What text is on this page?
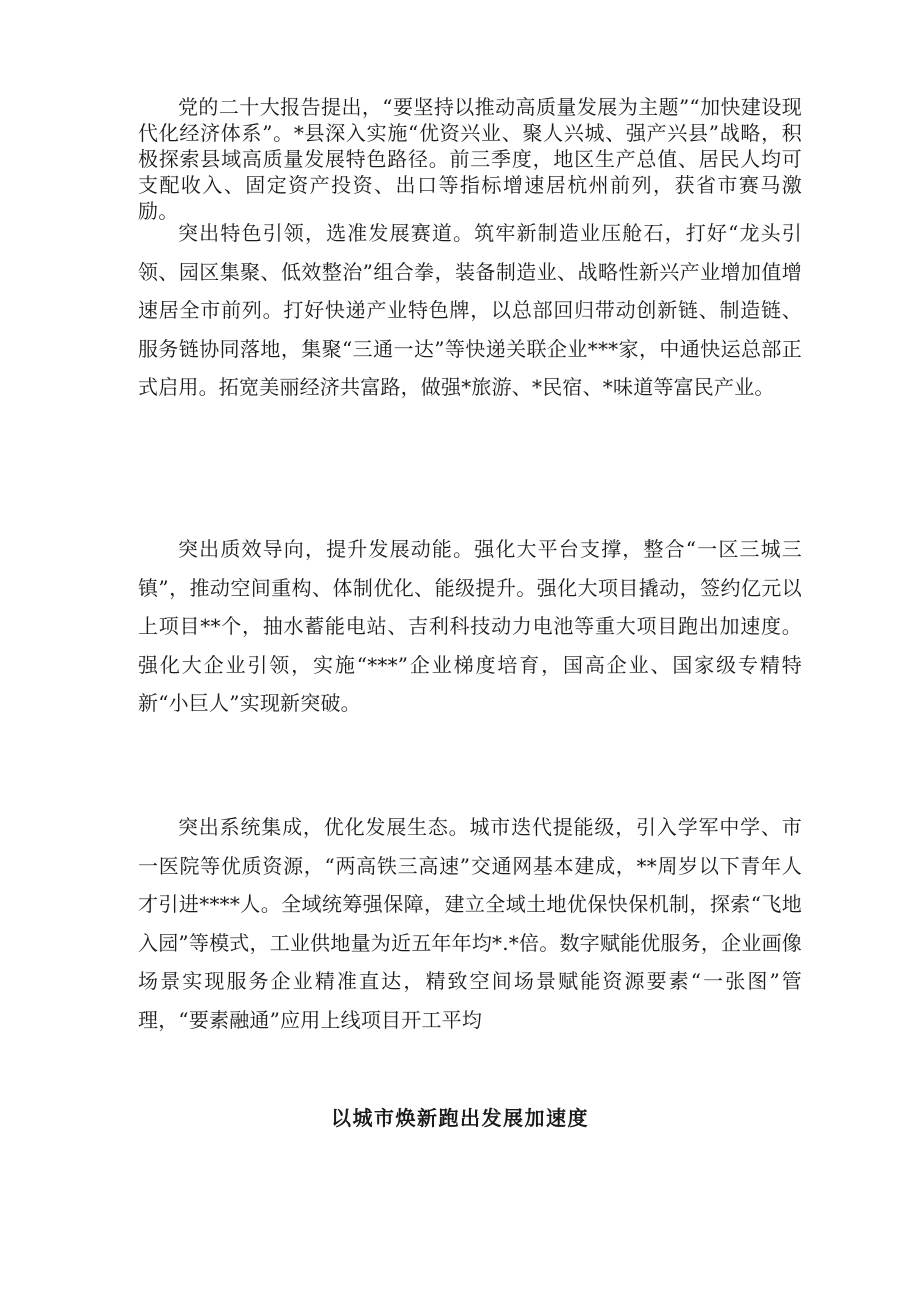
党的二十大报告提出，“要坚持以推动高质量发展为主题”“加快建设现代化经济体系”。*县深入实施“优资兴业、聚人兴城、强产兴县”战略，积极探索县域高质量发展特色路径。前三季度，地区生产总值、居民人均可支配收入、固定资产投资、出口等指标增速居杭州前列，获省市赛马激励。

突出特色引领，选准发展赛道。筑牢新制造业压舱石，打好“龙头引领、园区集聚、低效整治”组合拳，装备制造业、战略性新兴产业增加值增速居全市前列。打好快递产业特色牌，以总部回归带动创新链、制造链、服务链协同落地，集聚“三通一达”等快递关联企业***家，中通快运总部正式启用。拓宽美丽经济共富路，做强*旅游、*民宿、*味道等富民产业。

突出质效导向，提升发展动能。强化大平台支撑，整合“一区三城三镇”，推动空间重构、体制优化、能级提升。强化大项目撬动，签约亿元以上项目**个，抽水蓄能电站、吉利科技动力电池等重大项目跑出加速度。强化大企业引领，实施“***”企业梯度培育，国高企业、国家级专精特新“小巨人”实现新突破。

突出系统集成，优化发展生态。城市迭代提能级，引入学军中学、市一医院等优质资源，“两高铁三高速”交通网基本建成，**周岁以下青年人才引进****人。全域统筹强保障，建立全域土地优保快保机制，探索“飞地入园”等模式，工业供地量为近五年年均*.*倍。数字赋能优服务，企业画像场景实现服务企业精准直达，精致空间场景赋能资源要素“一张图”管理，“要素融通”应用上线项目开工平均

以城市焕新跑出发展加速度
